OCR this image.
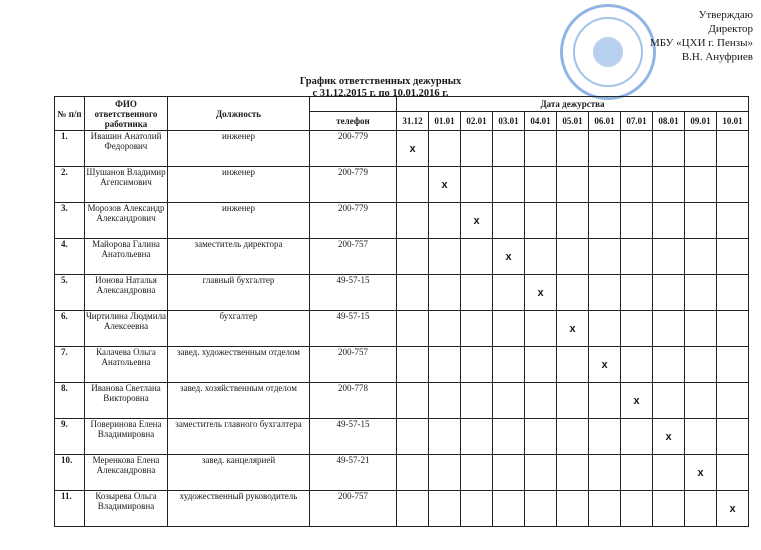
Утверждаю
Директор
МБУ «ЦХИ г. Пензы»
В.Н. Ануфриев
График ответственных дежурных
с 31.12.2015 г. по 10.01.2016 г.
№ п/п	ФИО ответственного работника	Должность		Дата дежурства										
			телефон	31.12	01.01	02.01	03.01	04.01	05.01	06.01	07.01	08.01	09.01	10.01
1.	Ивашин Анатолий Федорович	инженер	200-779	х										
2.	Шушанов Владимир Агепсимович	инженер	200-779		х									
3.	Морозов Александр Александрович	инженер	200-779			х								
4.	Майорова Галина Анатольевна	заместитель директора	200-757				х							
5.	Ионова Наталья Александровна	главный бухгалтер	49-57-15					х						
6.	Чиртилина Людмила Алексеевна	бухгалтер	49-57-15						х					
7.	Калачева Ольга Анатольевна	завед. художественным отделом	200-757							х				
8.	Иванова Светлана Викторовна	завед. хозяйственным отделом	200-778								х			
9.	Поверинова Елена Владимировна	заместитель главного бухгалтера	49-57-15									х		
10.	Меренкова Елена Александровна	завед. канцелярией	49-57-21										х	
11.	Козырева Ольга Владимировна	художественный руководитель	200-757											х
